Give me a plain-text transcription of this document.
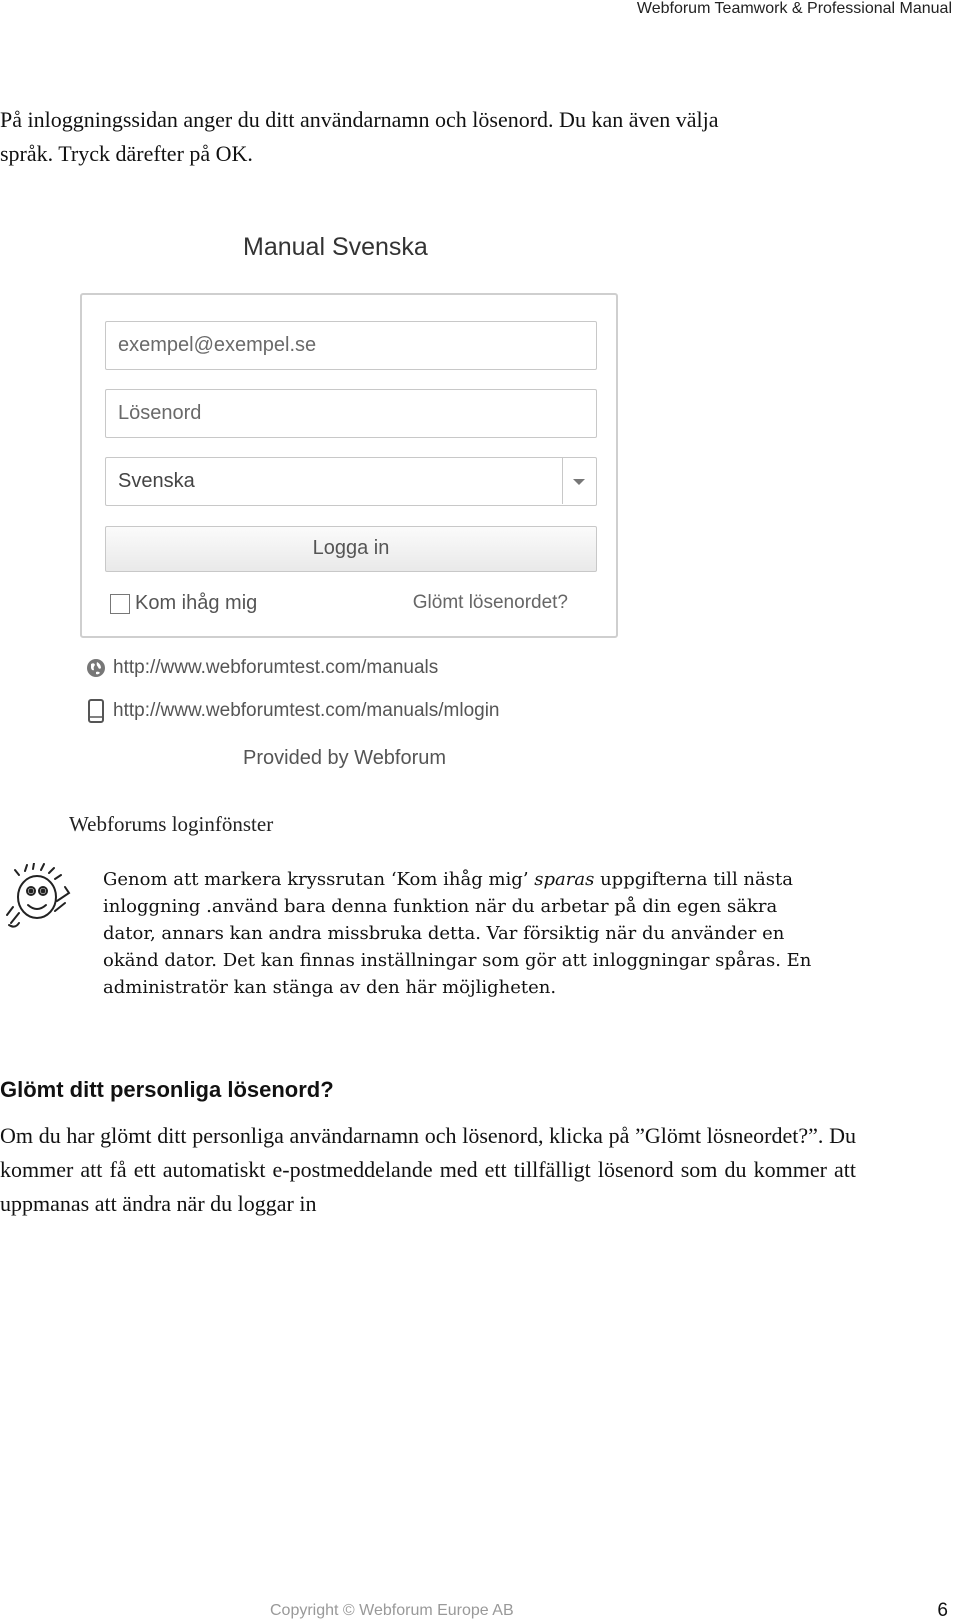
Webforum Teamwork & Professional Manual
På inloggningssidan anger du ditt användarnamn och lösenord. Du kan även välja
språk. Tryck därefter på OK.
Manual Svenska
exempel@exempel.se
Lösenord
Svenska
Logga in
Kom ihåg mig	Glömt lösenordet?
http://www.webforumtest.com/manuals
http://www.webforumtest.com/manuals/mlogin
Provided by Webforum
Webforums loginfönster
Genom att markera kryssrutan ‘Kom ihåg mig’ sparas uppgifterna till nästa inloggning .använd bara denna funktion när du arbetar på din egen säkra dator, annars kan andra missbruka detta. Var försiktig när du använder en okänd dator. Det kan finnas inställningar som gör att inloggningar spåras. En administratör kan stänga av den här möjligheten.
Glömt ditt personliga lösenord?

Om du har glömt ditt personliga användarnamn och lösenord, klicka på ”Glömt lösneordet?”. Du kommer att få ett automatiskt e-postmeddelande med ett tillfälligt lösenord som du kommer att uppmanas att ändra när du loggar in

Copyright © Webforum Europe AB	6
